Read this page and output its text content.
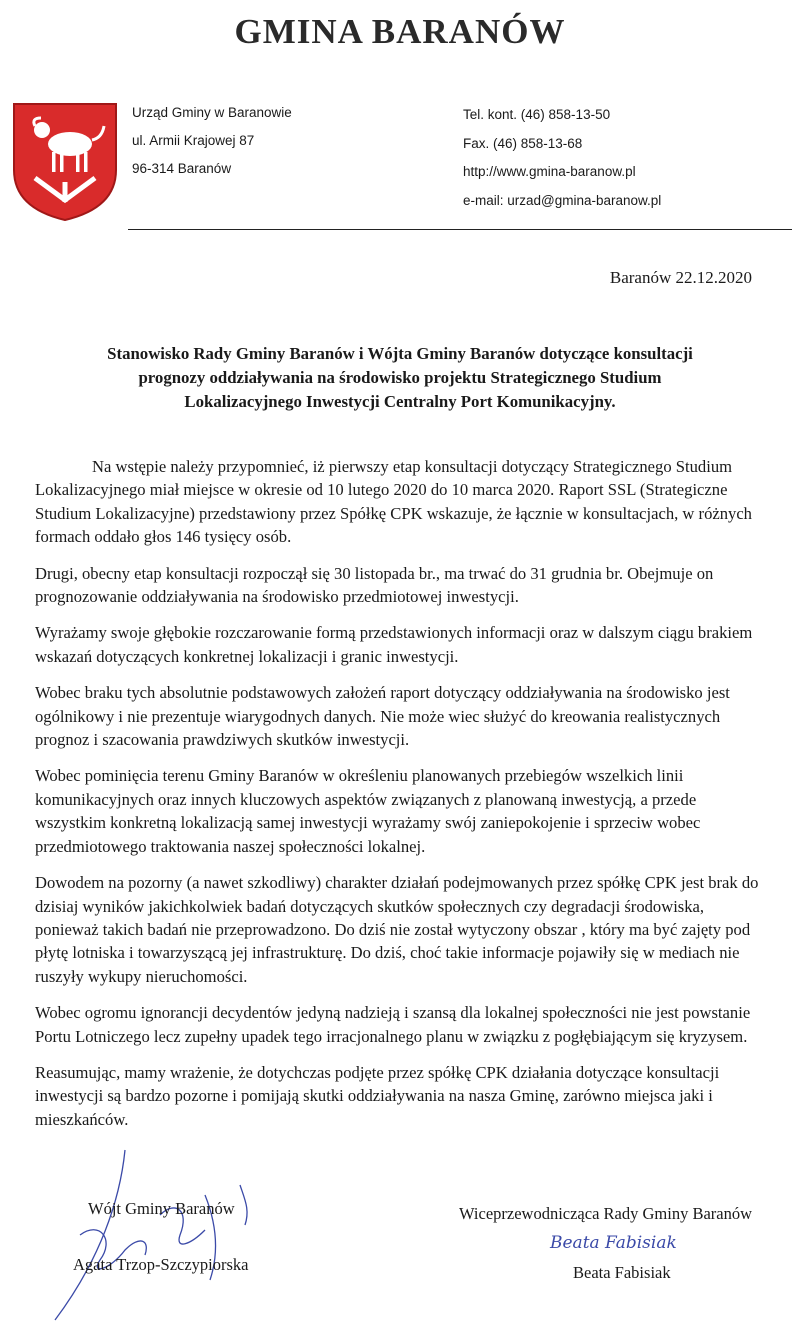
GMINA BARANÓW
Urząd Gminy w Baranowie
ul. Armii Krajowej 87
96-314 Baranów
Tel. kont. (46) 858-13-50
Fax. (46) 858-13-68
http://www.gmina-baranow.pl
e-mail: urzad@gmina-baranow.pl
Baranów 22.12.2020
Stanowisko Rady Gminy Baranów i Wójta Gminy Baranów dotyczące konsultacji
prognozy oddziaływania na środowisko projektu Strategicznego Studium
Lokalizacyjnego Inwestycji Centralny Port Komunikacyjny.

Na wstępie należy przypomnieć, iż pierwszy etap konsultacji dotyczący Strategicznego Studium Lokalizacyjnego miał miejsce w okresie od 10 lutego 2020 do 10 marca 2020. Raport SSL (Strategiczne Studium Lokalizacyjne) przedstawiony przez Spółkę CPK wskazuje, że łącznie w konsultacjach, w różnych formach oddało głos 146 tysięcy osób.

Drugi, obecny etap konsultacji rozpoczął się 30 listopada br., ma trwać do 31 grudnia br. Obejmuje on prognozowanie oddziaływania na środowisko przedmiotowej inwestycji.

Wyrażamy swoje głębokie rozczarowanie formą przedstawionych informacji oraz w dalszym ciągu brakiem wskazań dotyczących konkretnej lokalizacji i granic inwestycji.

Wobec braku tych absolutnie podstawowych założeń raport dotyczący oddziaływania na środowisko jest ogólnikowy i nie prezentuje wiarygodnych danych. Nie może wiec służyć do kreowania realistycznych prognoz i szacowania prawdziwych skutków inwestycji.

Wobec pominięcia terenu Gminy Baranów w określeniu planowanych przebiegów wszelkich linii komunikacyjnych oraz innych kluczowych aspektów związanych z planowaną inwestycją, a przede wszystkim konkretną lokalizacją samej inwestycji wyrażamy swój zaniepokojenie i sprzeciw wobec przedmiotowego traktowania naszej społeczności lokalnej.

Dowodem na pozorny (a nawet szkodliwy) charakter działań podejmowanych przez spółkę CPK jest brak do dzisiaj wyników jakichkolwiek badań dotyczących skutków społecznych czy degradacji środowiska, ponieważ takich badań nie przeprowadzono. Do dziś nie został wytyczony obszar , który ma być zajęty pod płytę lotniska i towarzyszącą jej infrastrukturę. Do dziś, choć takie informacje pojawiły się w mediach nie ruszyły wykupy nieruchomości.

Wobec ogromu ignorancji decydentów jedyną nadzieją i szansą dla lokalnej społeczności nie jest powstanie Portu Lotniczego lecz zupełny upadek tego irracjonalnego planu w związku z pogłębiającym się kryzysem.

Reasumując, mamy wrażenie, że dotychczas podjęte przez spółkę CPK działania dotyczące konsultacji inwestycji są bardzo pozorne i pomijają skutki oddziaływania na nasza Gminę, zarówno miejsca jaki i mieszkańców.

Wójt Gminy Baranów
Agata Trzop-Szczypiorska
Wiceprzewodnicząca Rady Gminy Baranów
Beata Fabisiak
Beata Fabisiak
